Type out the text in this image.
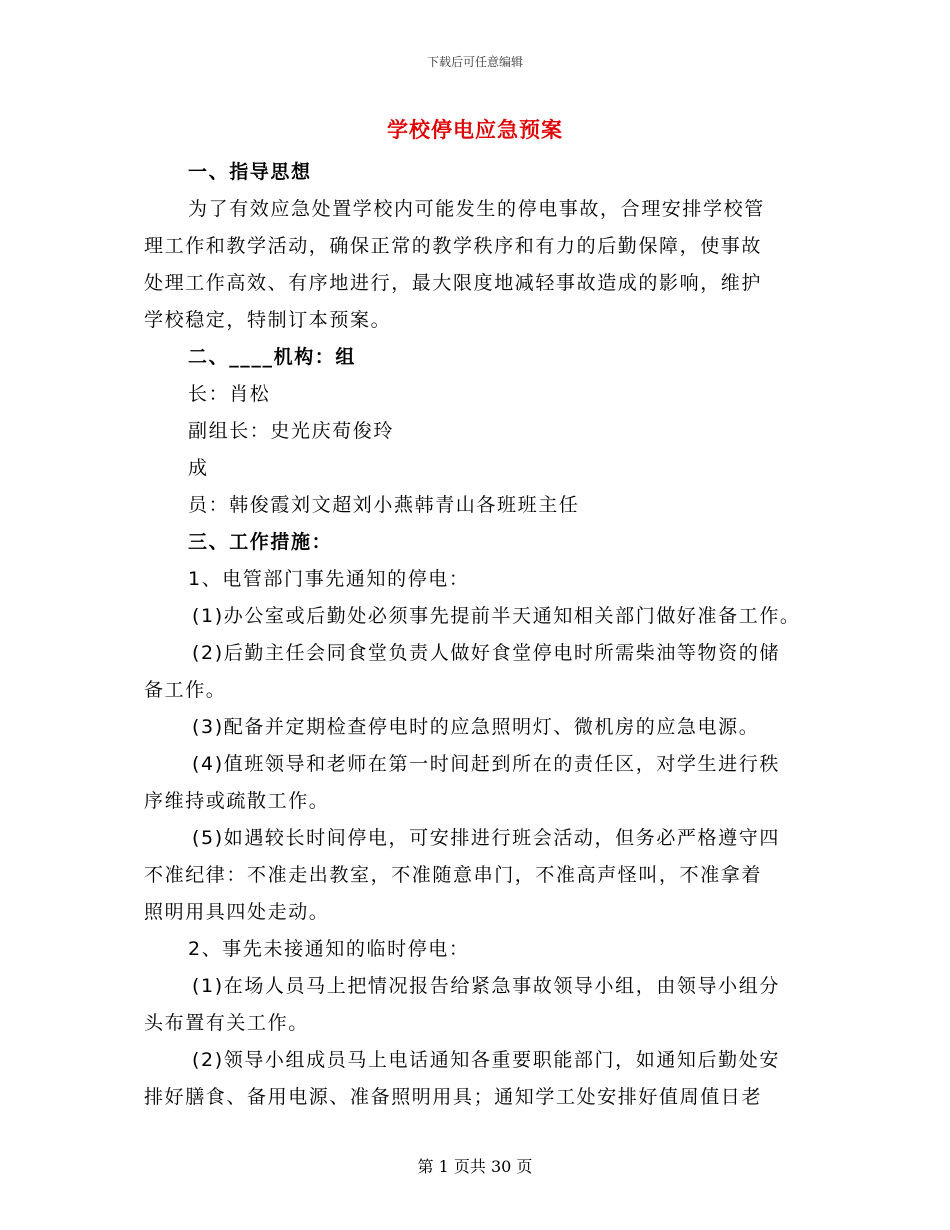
下载后可任意编辑
学校停电应急预案
一、指导思想
为了有效应急处置学校内可能发生的停电事故，合理安排学校管
理工作和教学活动，确保正常的教学秩序和有力的后勤保障，使事故
处理工作高效、有序地进行，最大限度地减轻事故造成的影响，维护
学校稳定，特制订本预案。
二、____机构：组
长：肖松
副组长：史光庆荀俊玲
成
员：韩俊霞刘文超刘小燕韩青山各班班主任
三、工作措施：
1、电管部门事先通知的停电：
(1)办公室或后勤处必须事先提前半天通知相关部门做好准备工作。
(2)后勤主任会同食堂负责人做好食堂停电时所需柴油等物资的储
备工作。
(3)配备并定期检查停电时的应急照明灯、微机房的应急电源。
(4)值班领导和老师在第一时间赶到所在的责任区，对学生进行秩
序维持或疏散工作。
(5)如遇较长时间停电，可安排进行班会活动，但务必严格遵守四
不准纪律：不准走出教室，不准随意串门，不准高声怪叫，不准拿着
照明用具四处走动。
2、事先未接通知的临时停电：
(1)在场人员马上把情况报告给紧急事故领导小组，由领导小组分
头布置有关工作。
(2)领导小组成员马上电话通知各重要职能部门，如通知后勤处安
排好膳食、备用电源、准备照明用具；通知学工处安排好值周值日老
第 1 页共 30 页
